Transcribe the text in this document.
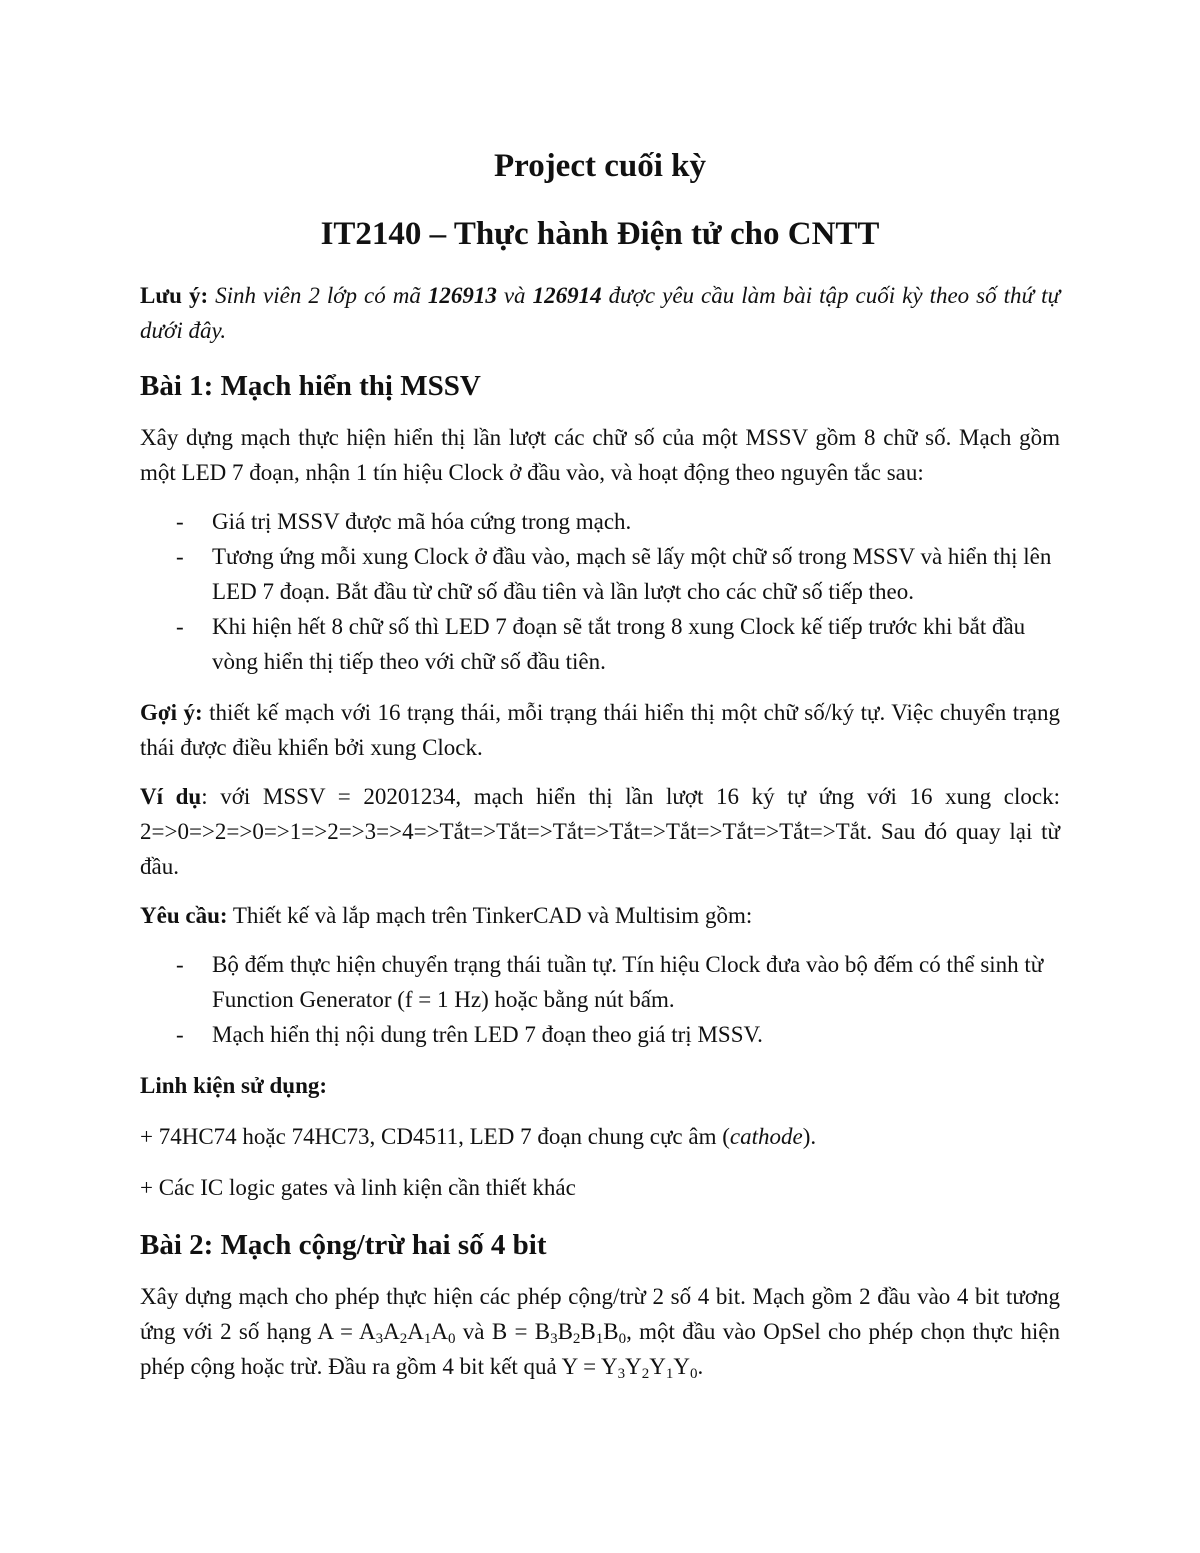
Project cuối kỳ
IT2140 – Thực hành Điện tử cho CNTT

Lưu ý: Sinh viên 2 lớp có mã 126913 và 126914 được yêu cầu làm bài tập cuối kỳ theo số thứ tự dưới đây.

Bài 1: Mạch hiển thị MSSV

Xây dựng mạch thực hiện hiển thị lần lượt các chữ số của một MSSV gồm 8 chữ số. Mạch gồm một LED 7 đoạn, nhận 1 tín hiệu Clock ở đầu vào, và hoạt động theo nguyên tắc sau:

- Giá trị MSSV được mã hóa cứng trong mạch.
- Tương ứng mỗi xung Clock ở đầu vào, mạch sẽ lấy một chữ số trong MSSV và hiển thị lên LED 7 đoạn. Bắt đầu từ chữ số đầu tiên và lần lượt cho các chữ số tiếp theo.
- Khi hiện hết 8 chữ số thì LED 7 đoạn sẽ tắt trong 8 xung Clock kế tiếp trước khi bắt đầu vòng hiển thị tiếp theo với chữ số đầu tiên.

Gợi ý: thiết kế mạch với 16 trạng thái, mỗi trạng thái hiển thị một chữ số/ký tự. Việc chuyển trạng thái được điều khiển bởi xung Clock.

Ví dụ: với MSSV = 20201234, mạch hiển thị lần lượt 16 ký tự ứng với 16 xung clock: 2=>0=>2=>0=>1=>2=>3=>4=>Tắt=>Tắt=>Tắt=>Tắt=>Tắt=>Tắt=>Tắt=>Tắt. Sau đó quay lại từ đầu.

Yêu cầu: Thiết kế và lắp mạch trên TinkerCAD và Multisim gồm:

- Bộ đếm thực hiện chuyển trạng thái tuần tự. Tín hiệu Clock đưa vào bộ đếm có thể sinh từ Function Generator (f = 1 Hz) hoặc bằng nút bấm.
- Mạch hiển thị nội dung trên LED 7 đoạn theo giá trị MSSV.

Linh kiện sử dụng:

+ 74HC74 hoặc 74HC73, CD4511, LED 7 đoạn chung cực âm (cathode).

+ Các IC logic gates và linh kiện cần thiết khác

Bài 2: Mạch cộng/trừ hai số 4 bit

Xây dựng mạch cho phép thực hiện các phép cộng/trừ 2 số 4 bit. Mạch gồm 2 đầu vào 4 bit tương ứng với 2 số hạng $A = A_3A_2A_1A_0$ và $B = B_3B_2B_1B_0$, một đầu vào OpSel cho phép chọn thực hiện phép cộng hoặc trừ. Đầu ra gồm 4 bit kết quả $Y = Y_3Y_2Y_1Y_0$.
